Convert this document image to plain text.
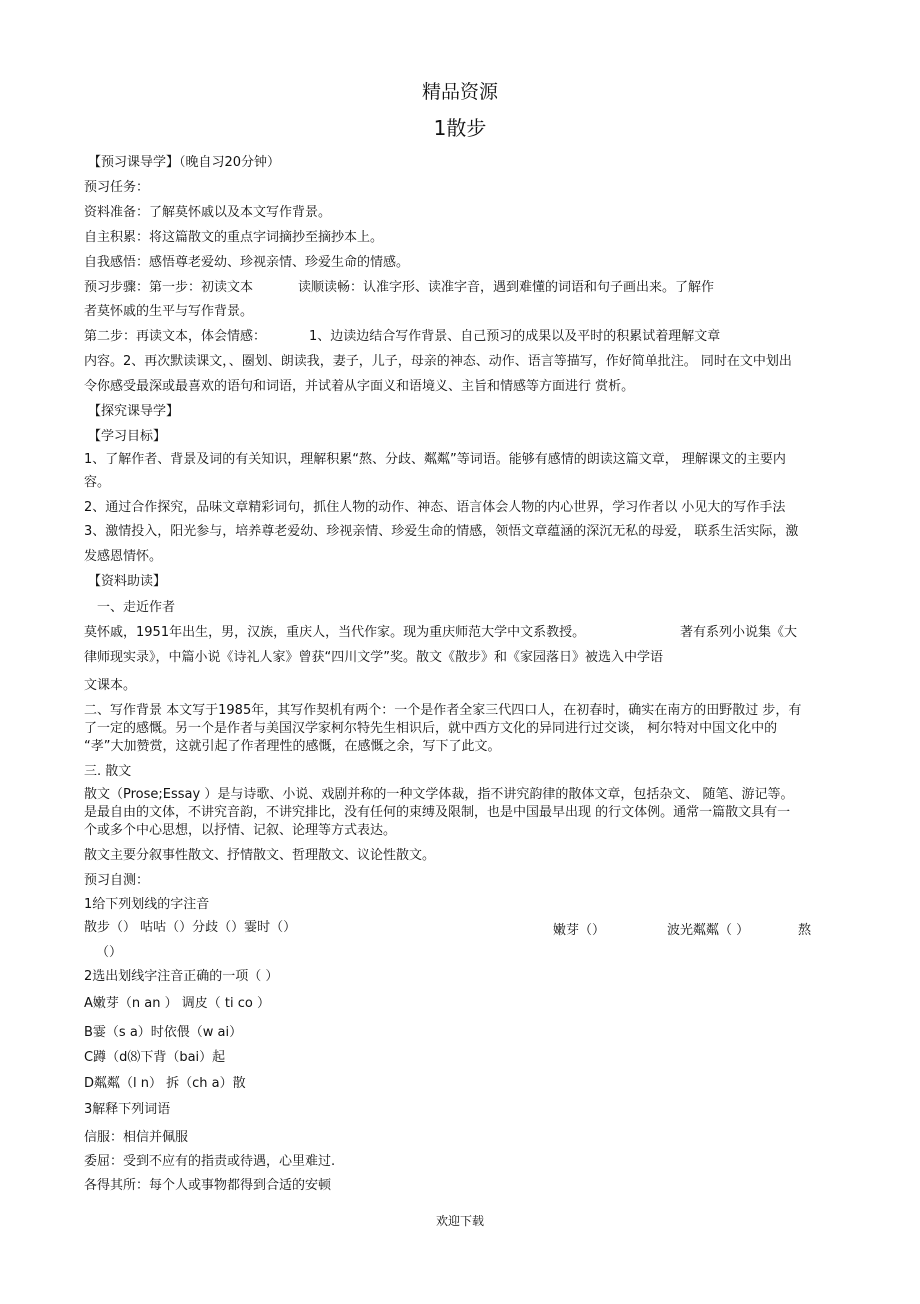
精品资源
1散步
【预习课导学】（晚自习20分钟）
预习任务：
资料准备：了解莫怀戚以及本文写作背景。
自主积累：将这篇散文的重点字词摘抄至摘抄本上。
自我感悟：感悟尊老爱幼、珍视亲情、珍爱生命的情感。
预习步骤：第一步：初读文本	读顺读畅：认准字形、读准字音，遇到难懂的词语和句子画出来。了解作
者莫怀戚的生平与写作背景。
第二步：再读文本，体会情感：	1、边读边结合写作背景、自己预习的成果以及平时的积累试着理解文章
内容。2、再次默读课文，、圈划、朗读我，妻子，儿子，母亲的神态、动作、语言等描写，作好简单批注。 同时在文中划出
令你感受最深或最喜欢的语句和词语，并试着从字面义和语境义、主旨和情感等方面进行 赏析。
【探究课导学】
【学习目标】
1、了解作者、背景及词的有关知识，理解积累“熬、分歧、粼粼”等词语。能够有感情的朗读这篇文章， 理解课文的主要内
容。
2、通过合作探究，品味文章精彩词句，抓住人物的动作、神态、语言体会人物的内心世界，学习作者以 小见大的写作手法
3、激情投入，阳光参与，培养尊老爱幼、珍视亲情、珍爱生命的情感，领悟文章蕴涵的深沉无私的母爱， 联系生活实际，激
发感恩情怀。
【资料助读】
一、走近作者
莫怀戚，1951年出生，男，汉族，重庆人，当代作家。现为重庆师范大学中文系教授。	著有系列小说集《大
律师现实录》，中篇小说《诗礼人家》曾获“四川文学”奖。散文《散步》和《家园落日》被选入中学语
文课本。
二、写作背景 本文写于1985年，其写作契机有两个：一个是作者全家三代四口人，在初春时，确实在南方的田野散过 步，有
了一定的感慨。另一个是作者与美国汉学家柯尔特先生相识后，就中西方文化的异同进行过交谈， 柯尔特对中国文化中的
“孝”大加赞赏，这就引起了作者理性的感慨，在感慨之余，写下了此文。
三. 散文
散文（Prose;Essay ）是与诗歌、小说、戏剧并称的一种文学体裁，指不讲究韵律的散体文章，包括杂文、 随笔、游记等。
是最自由的文体，不讲究音韵，不讲究排比，没有任何的束缚及限制，也是中国最早出现 的行文体例。通常一篇散文具有一
个或多个中心思想，以抒情、记叙、论理等方式表达。
散文主要分叙事性散文、抒情散文、哲理散文、议论性散文。
预习自测：
1给下列划线的字注音
散步（） 咕咕（）分歧（）霎时（）	嫩芽（）	波光粼粼（ ）	熬
（）
2选出划线字注音正确的一项（ ）
A嫩芽（n an ） 调皮（ ti co ）
B霎（s a）时依偎（w ai）
C蹲（d⑻下背（bai）起
D粼粼（l n） 拆（ch a）散
3解释下列词语
信服：相信并佩服
委屈：受到不应有的指责或待遇，心里难过.
各得其所：每个人或事物都得到合适的安顿
欢迎下载
